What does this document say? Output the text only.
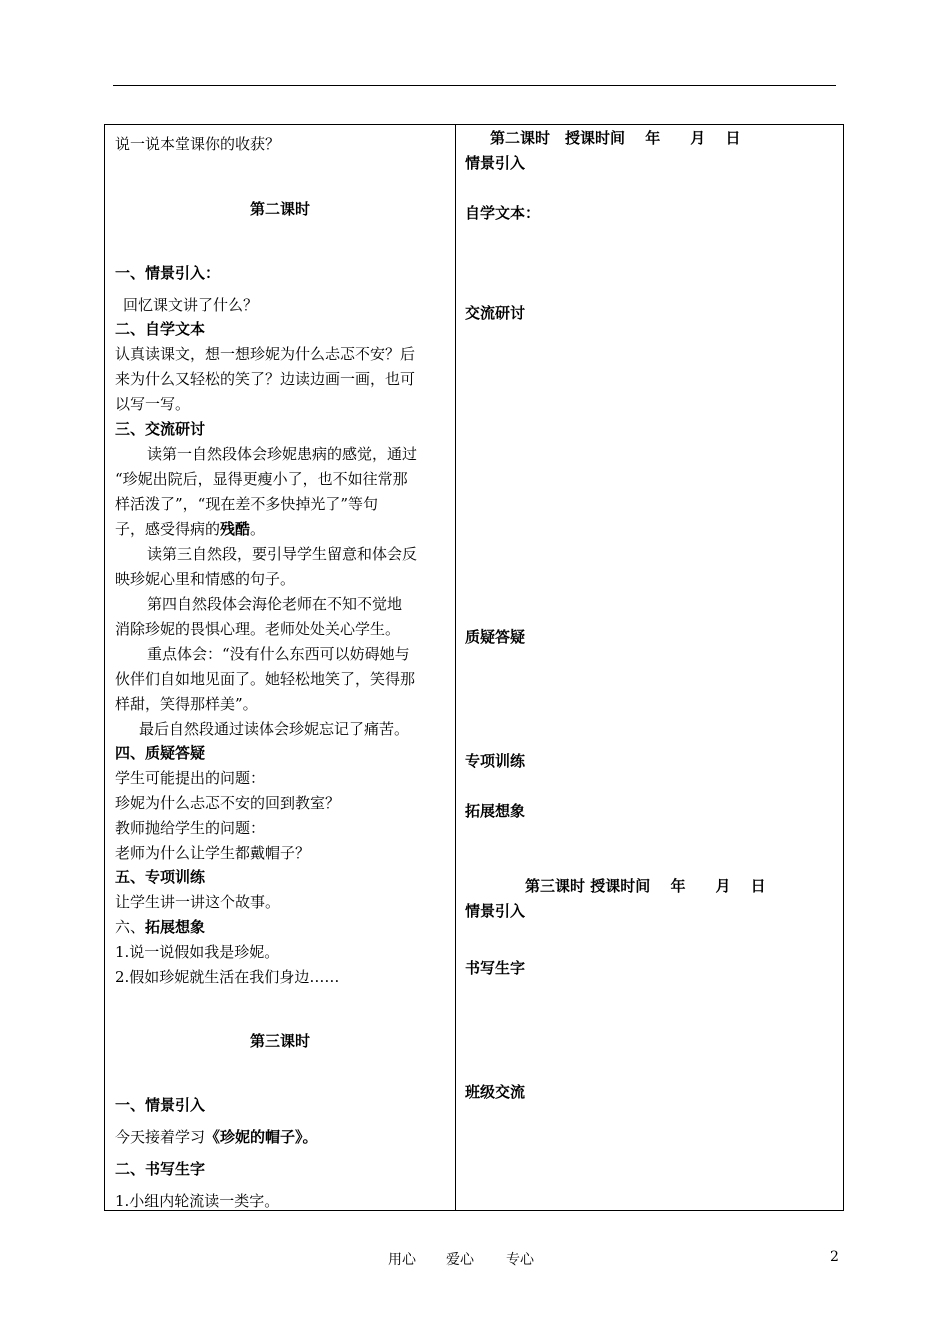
说一说本堂课你的收获？
第二课时
一、情景引入：
回忆课文讲了什么？
二、自学文本
认真读课文，想一想珍妮为什么忐忑不安？后
来为什么又轻松的笑了？边读边画一画，也可
以写一写。
三、交流研讨
读第一自然段体会珍妮患病的感觉，通过
“珍妮出院后，显得更瘦小了，也不如往常那
样活泼了”，“现在差不多快掉光了”等句
子，感受得病的残酷。
读第三自然段，要引导学生留意和体会反
映珍妮心里和情感的句子。
第四自然段体会海伦老师在不知不觉地
消除珍妮的畏惧心理。老师处处关心学生。
重点体会：“没有什么东西可以妨碍她与
伙伴们自如地见面了。她轻松地笑了，笑得那
样甜，笑得那样美”。
最后自然段通过读体会珍妮忘记了痛苦。
四、质疑答疑
学生可能提出的问题：
珍妮为什么忐忑不安的回到教室？
教师抛给学生的问题：
老师为什么让学生都戴帽子？
五、专项训练
让学生讲一讲这个故事。
六、拓展想象
1.说一说假如我是珍妮。
2.假如珍妮就生活在我们身边……
第三课时
一、情景引入
今天接着学习《珍妮的帽子》。
二、书写生字
1.小组内轮流读一类字。
第二课时　授课时间　 年　　月　 日
情景引入
自学文本：
交流研讨
质疑答疑
专项训练
拓展想象
第三课时 授课时间　 年　　月　 日
情景引入
书写生字
班级交流
用心 爱心 专心	2
